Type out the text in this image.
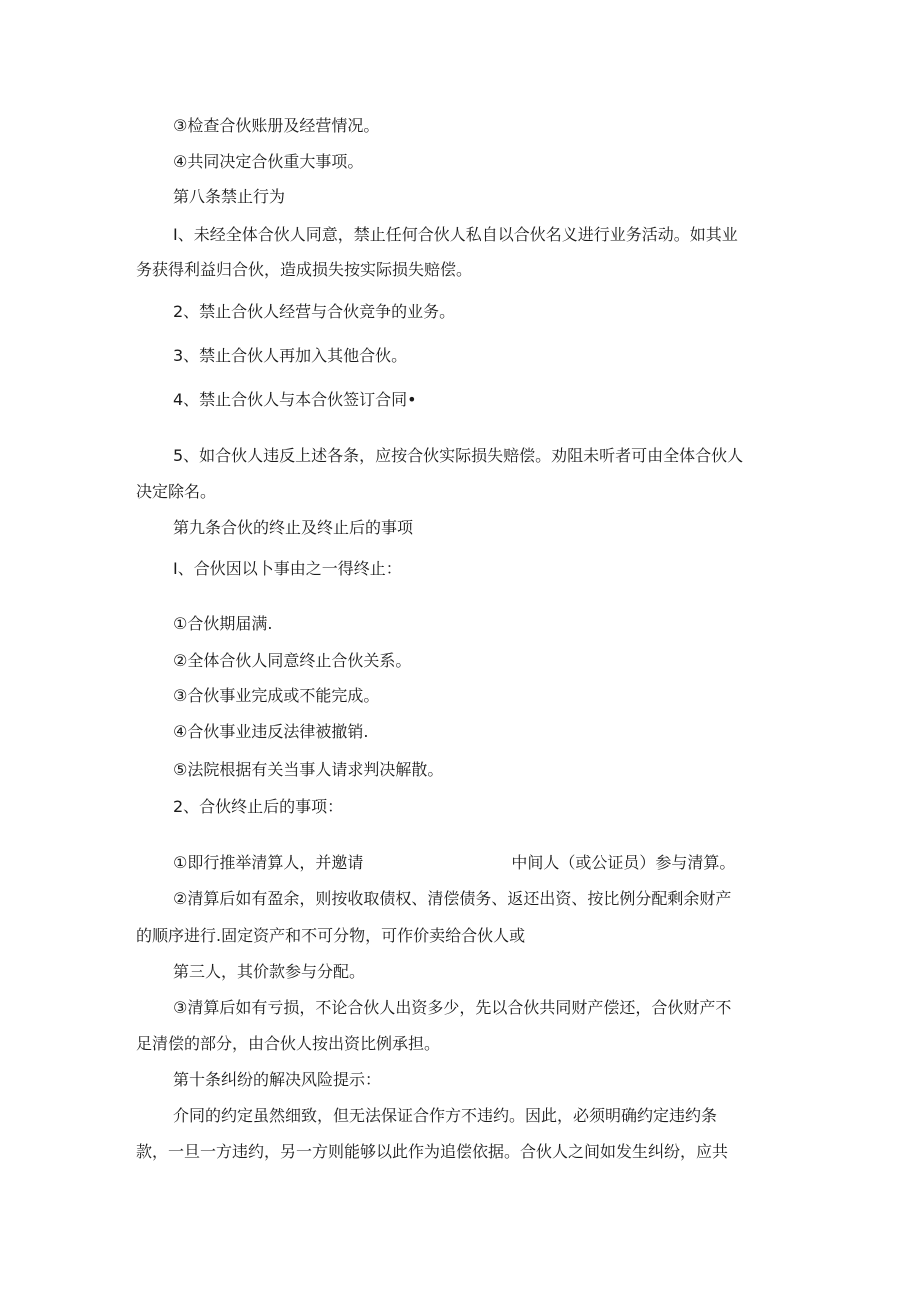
③检查合伙账册及经营情况。
④共同决定合伙重大事项。
第八条禁止行为
I、未经全体合伙人同意，禁止任何合伙人私自以合伙名义进行业务活动。如其业
务获得利益归合伙，造成损失按实际损失赔偿。
2、禁止合伙人经营与合伙竞争的业务。
3、禁止合伙人再加入其他合伙。
4、禁止合伙人与本合伙签订合同•
5、如合伙人违反上述各条，应按合伙实际损失赔偿。劝阻未听者可由全体合伙人
决定除名。
第九条合伙的终止及终止后的事项
I、合伙因以卜事由之一得终止：
①合伙期届满.
②全体合伙人同意终止合伙关系。
③合伙事业完成或不能完成。
④合伙事业违反法律被撤销.
⑤法院根据有关当事人请求判决解散。
2、合伙终止后的事项：
①即行推举清算人，并邀请	中间人（或公证员）参与清算。
②清算后如有盈余，则按收取债权、清偿债务、返还出资、按比例分配剩余财产
的顺序进行.固定资产和不可分物，可作价卖给合伙人或
第三人，其价款参与分配。
③清算后如有亏损，不论合伙人出资多少，先以合伙共同财产偿还，合伙财产不
足清偿的部分，由合伙人按出资比例承担。
第十条纠纷的解决风险提示：
介同的约定虽然细致，但无法保证合作方不违约。因此，必须明确约定违约条
款，一旦一方违约，另一方则能够以此作为追偿依据。合伙人之间如发生纠纷，应共
